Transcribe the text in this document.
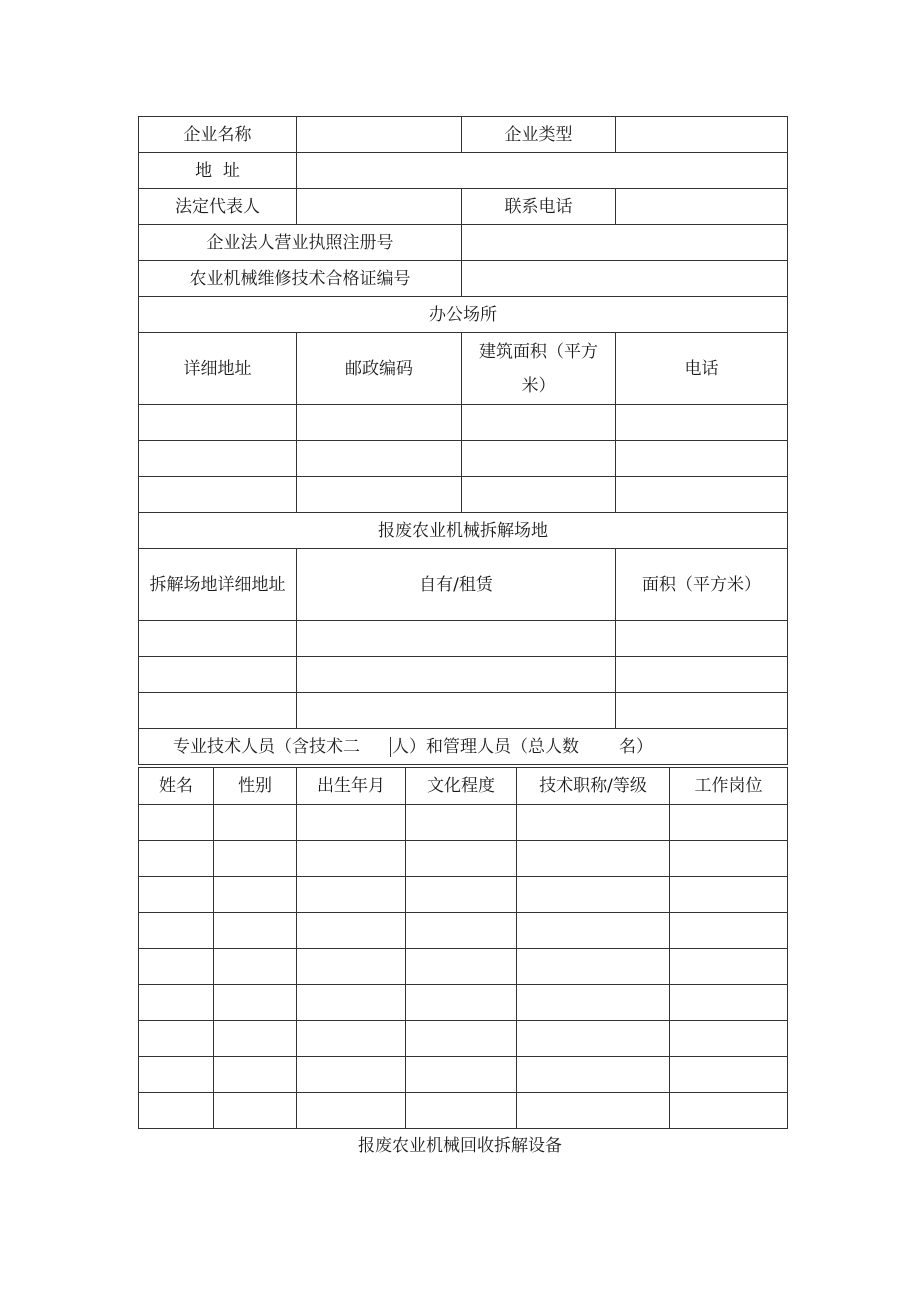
企业名称		企业类型	
地  址			
法定代表人		联系电话	
企业法人营业执照注册号			
农业机械维修技术合格证编号			
办公场所			
详细地址	邮政编码	建筑面积（平方米）	电话

报废农业机械拆解场地			
拆解场地详细地址	自有/租赁		面积（平方米）

专业技术人员（含技术二 人）和管理人员（总人数 名）			
姓名	性别	出生年月	文化程度	技术职称/等级	工作岗位

报废农业机械回收拆解设备
